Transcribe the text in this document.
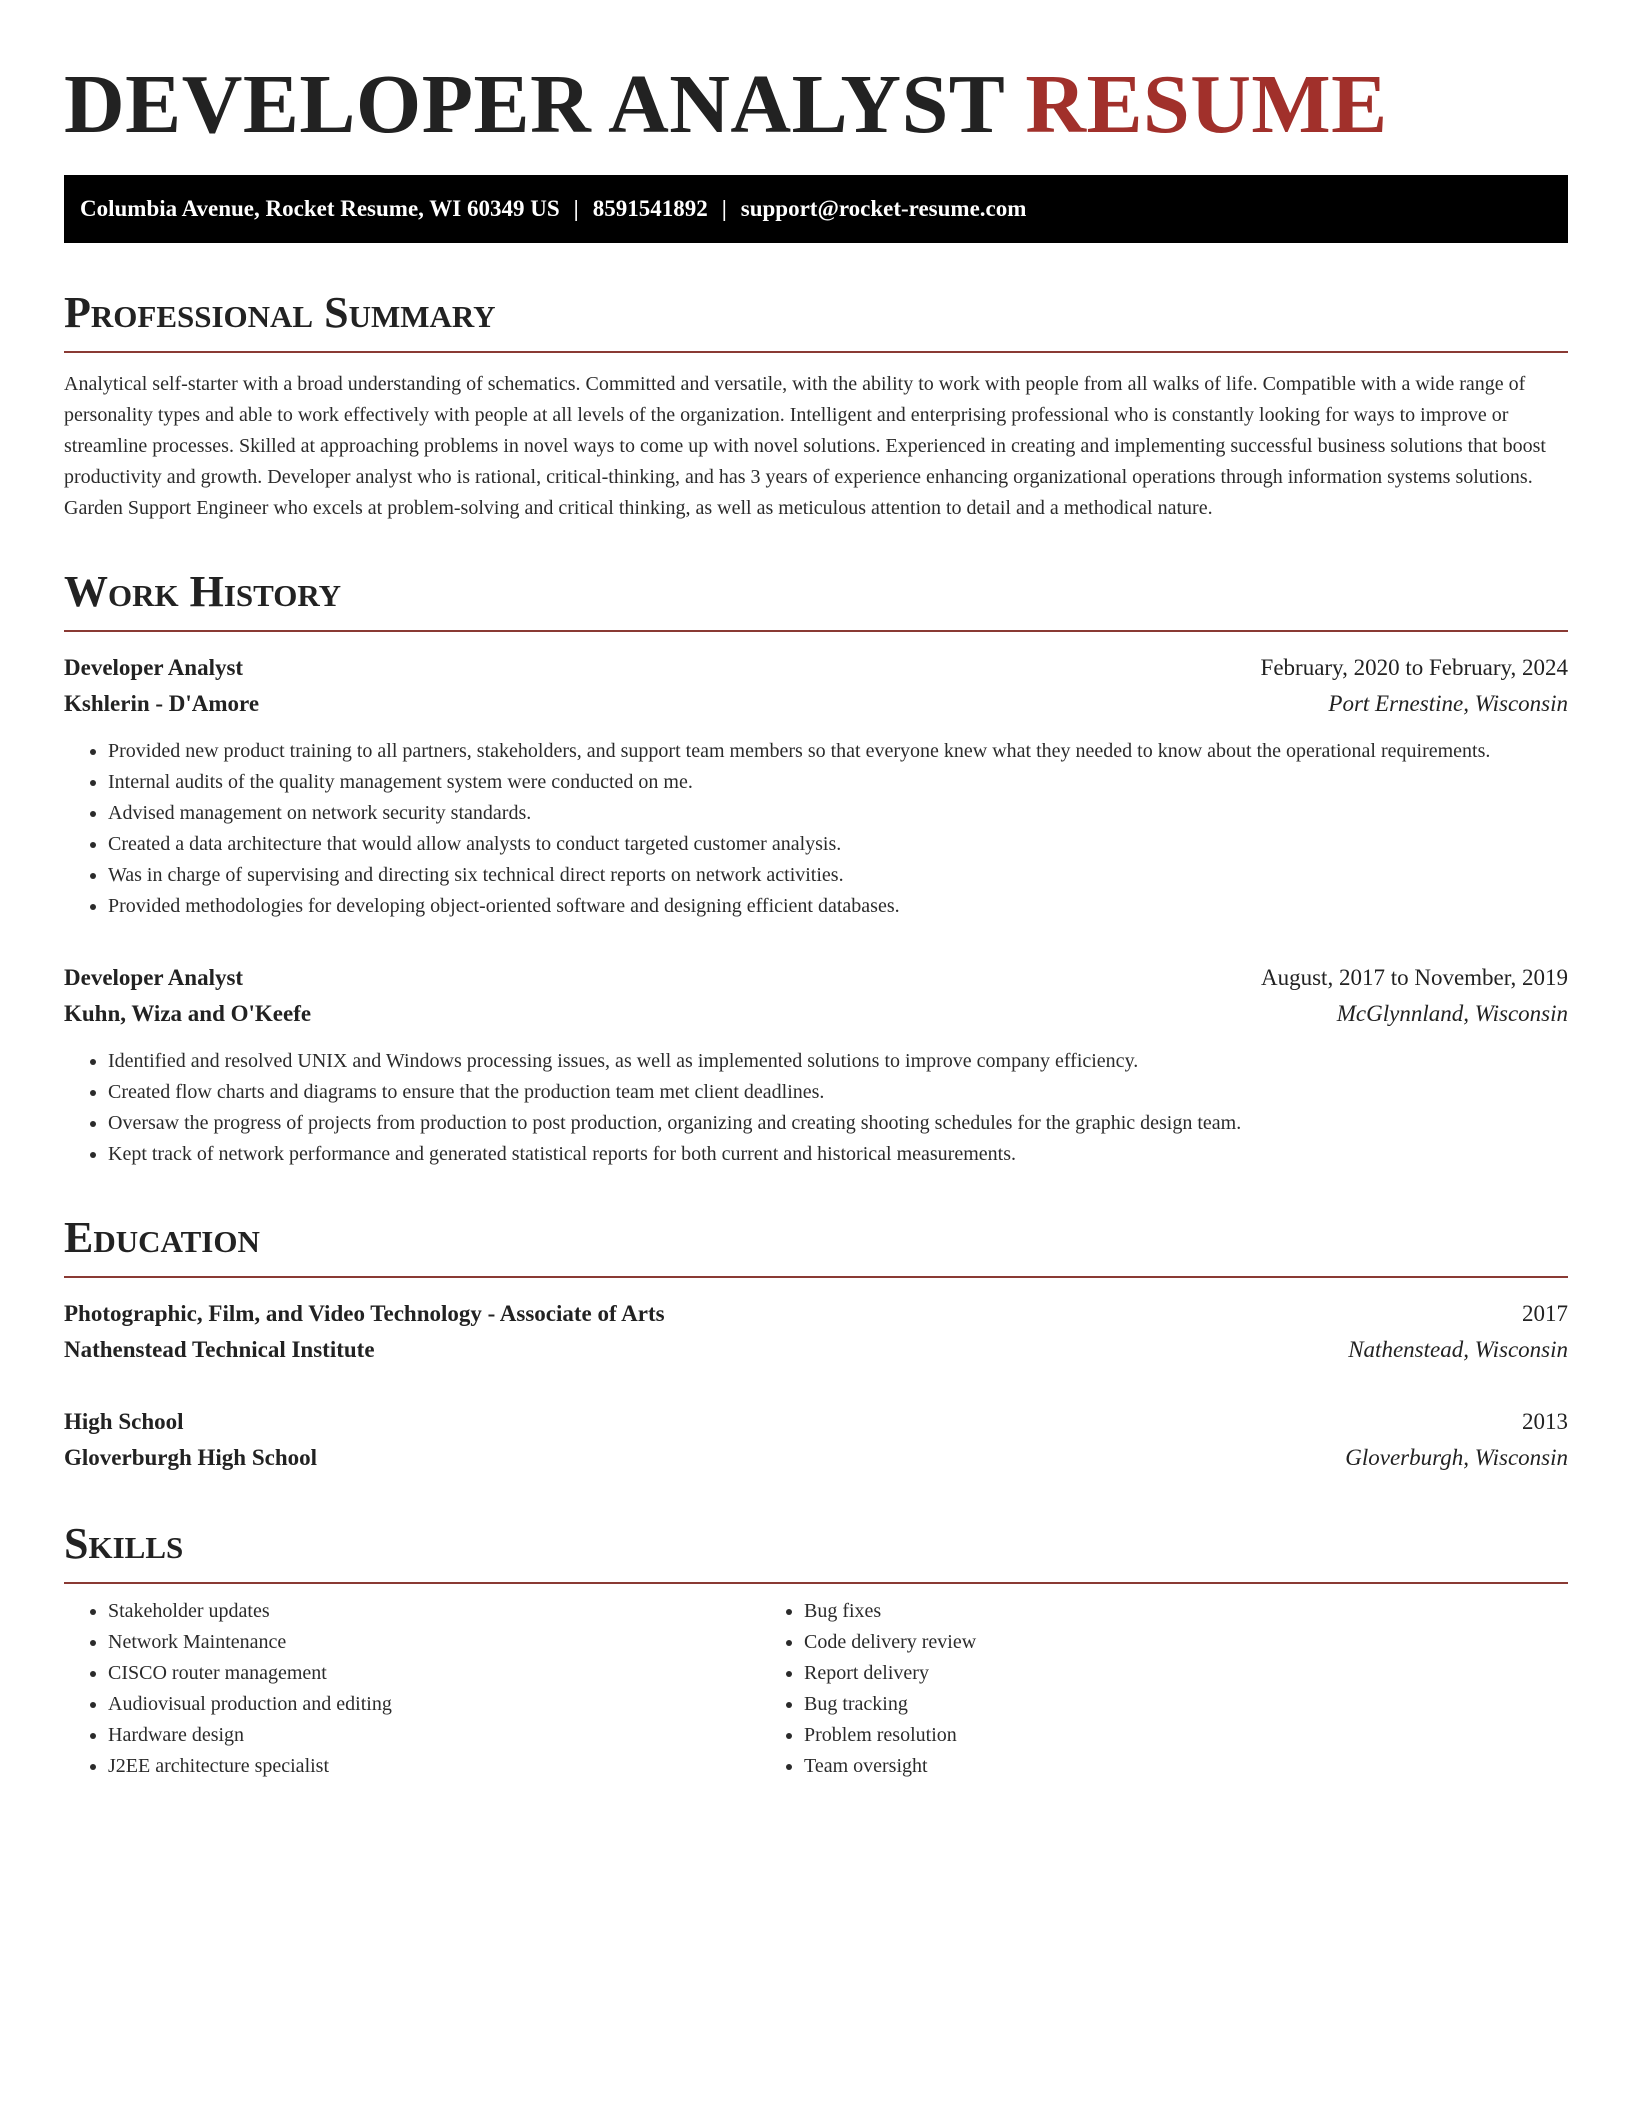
DEVELOPER ANALYST RESUME
Columbia Avenue, Rocket Resume, WI 60349 US | 8591541892 | support@rocket-resume.com
Professional Summary

Analytical self-starter with a broad understanding of schematics. Committed and versatile, with the ability to work with people from all walks of life. Compatible with a wide range of personality types and able to work effectively with people at all levels of the organization. Intelligent and enterprising professional who is constantly looking for ways to improve or streamline processes. Skilled at approaching problems in novel ways to come up with novel solutions. Experienced in creating and implementing successful business solutions that boost productivity and growth. Developer analyst who is rational, critical-thinking, and has 3 years of experience enhancing organizational operations through information systems solutions. Garden Support Engineer who excels at problem-solving and critical thinking, as well as meticulous attention to detail and a methodical nature.

Work History
Developer Analyst	February, 2020 to February, 2024
Kshlerin - D'Amore	Port Ernestine, Wisconsin
• Provided new product training to all partners, stakeholders, and support team members so that everyone knew what they needed to know about the operational requirements.
• Internal audits of the quality management system were conducted on me.
• Advised management on network security standards.
• Created a data architecture that would allow analysts to conduct targeted customer analysis.
• Was in charge of supervising and directing six technical direct reports on network activities.
• Provided methodologies for developing object-oriented software and designing efficient databases.
Developer Analyst	August, 2017 to November, 2019
Kuhn, Wiza and O'Keefe	McGlynnland, Wisconsin
• Identified and resolved UNIX and Windows processing issues, as well as implemented solutions to improve company efficiency.
• Created flow charts and diagrams to ensure that the production team met client deadlines.
• Oversaw the progress of projects from production to post production, organizing and creating shooting schedules for the graphic design team.
• Kept track of network performance and generated statistical reports for both current and historical measurements.
Education
Photographic, Film, and Video Technology - Associate of Arts	2017
Nathenstead Technical Institute	Nathenstead, Wisconsin
High School	2013
Gloverburgh High School	Gloverburgh, Wisconsin
Skills
• Stakeholder updates
• Network Maintenance
• CISCO router management
• Audiovisual production and editing
• Hardware design
• J2EE architecture specialist
• Bug fixes
• Code delivery review
• Report delivery
• Bug tracking
• Problem resolution
• Team oversight
